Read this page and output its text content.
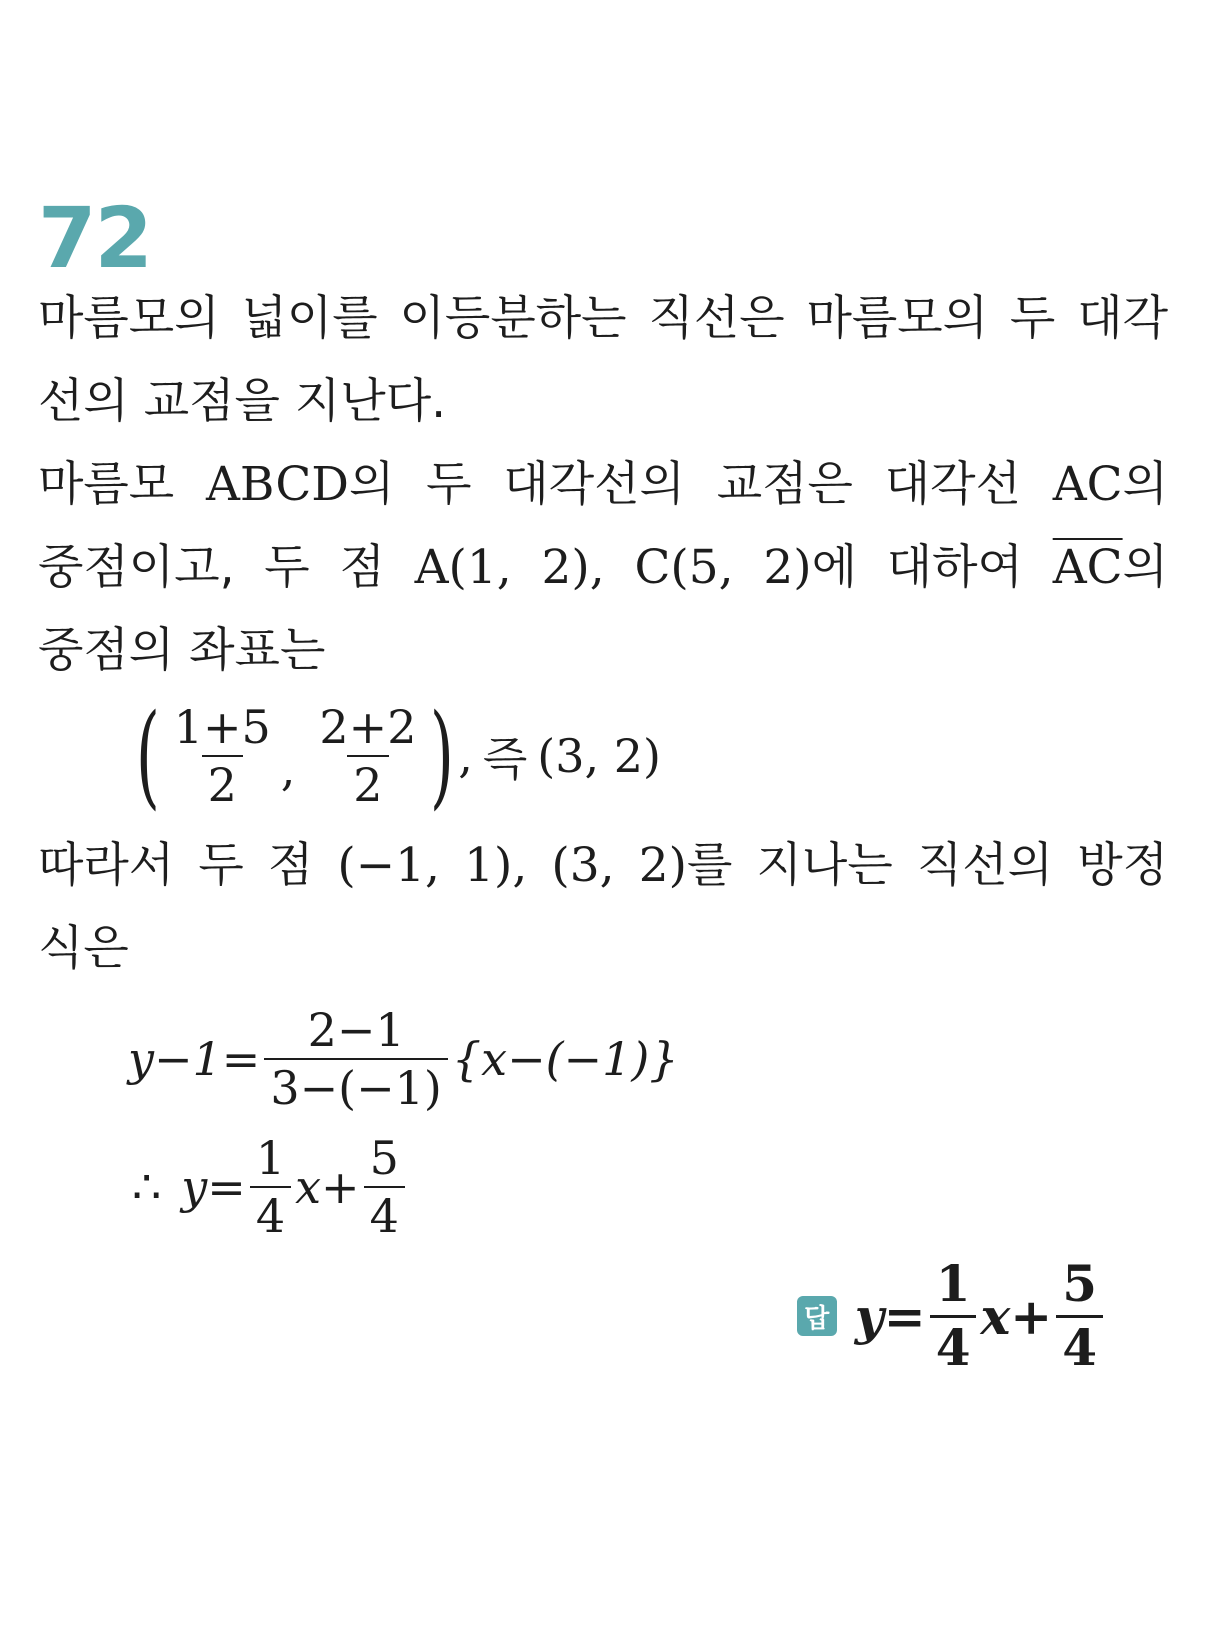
72
마름모의 넓이를 이등분하는 직선은 마름모의 두 대각
선의 교점을 지난다.
마름모 ABCD의 두 대각선의 교점은 대각선 AC의
중점이고, 두 점 A(1, 2), C(5, 2)에 대하여 $\overline{AC}$의
중점의 좌표는
( $\frac{1+5}{2}$ , $\frac{2+2}{2}$ ) , 즉 (3, 2)
따라서 두 점 (−1, 1), (3, 2)를 지나는 직선의 방정
식은
$y-1= \frac{2-1}{3-(-1)} \{x-(-1)\}$
∴ $y= \frac{1}{4} x+ \frac{5}{4}$
답 $y= \frac{1}{4} x+ \frac{5}{4}$
